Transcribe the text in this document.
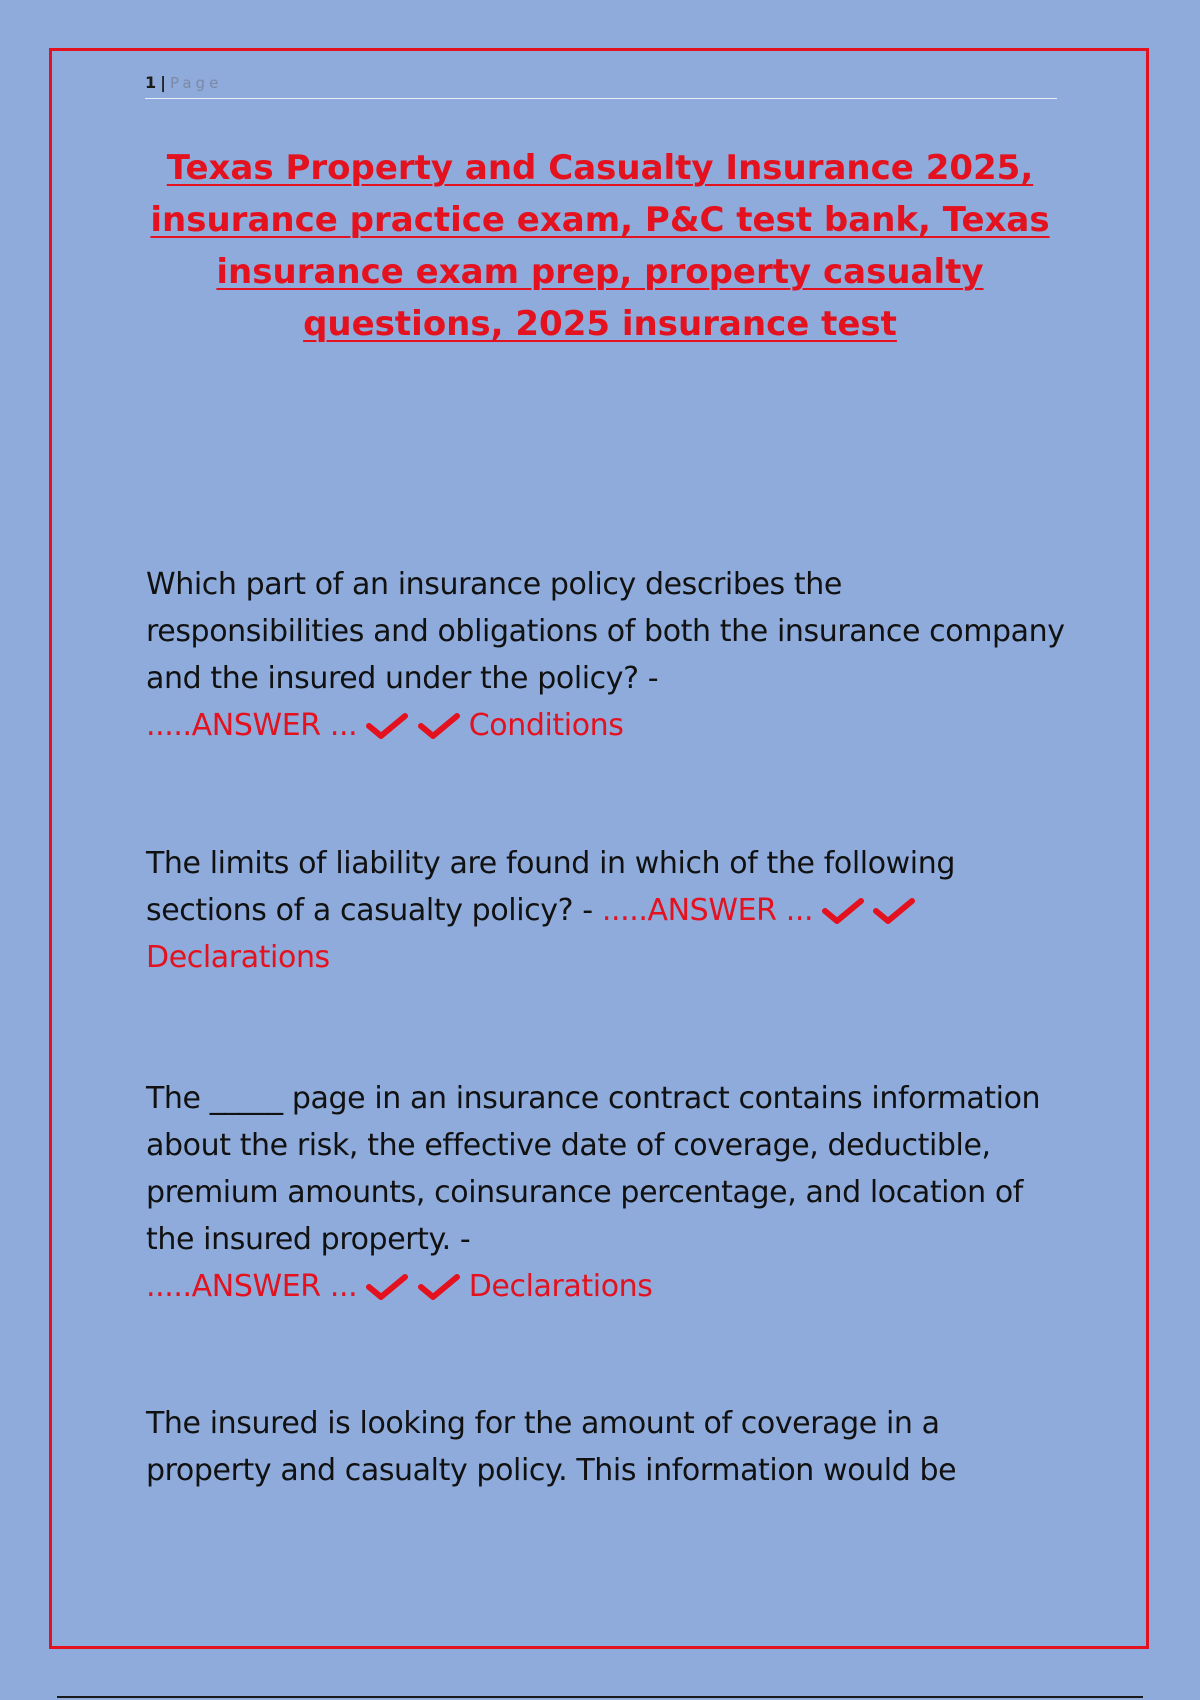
1 | Page
Texas Property and Casualty Insurance 2025, insurance practice exam, P&C test bank, Texas insurance exam prep, property casualty questions, 2025 insurance test
Which part of an insurance policy describes the responsibilities and obligations of both the insurance company and the insured under the policy? -
.....ANSWER ...
	Conditions
The limits of liability are found in which of the following sections of a casualty policy? - .....ANSWER ...

Declarations
The _____ page in an insurance contract contains information about the risk, the effective date of coverage, deductible, premium amounts, coinsurance percentage, and location of the insured property. -
.....ANSWER ...
	Declarations
The insured is looking for the amount of coverage in a property and casualty policy. This information would be
